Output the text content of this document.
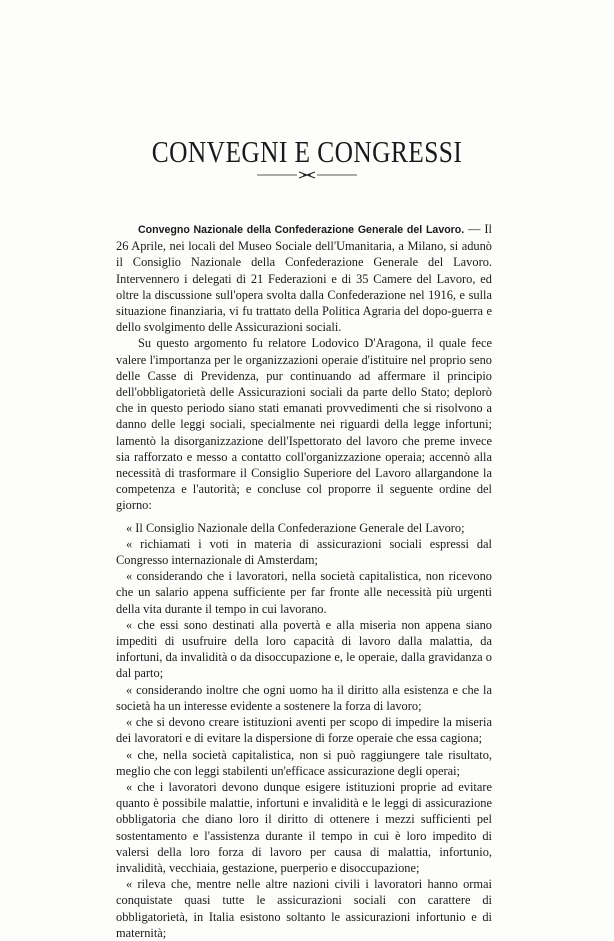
CONVEGNI E CONGRESSI

Convegno Nazionale della Confederazione Generale del Lavoro. — Il 26 Aprile, nei locali del Museo Sociale dell'Umanitaria, a Milano, si adunò il Consiglio Nazionale della Confederazione Generale del Lavoro. Intervennero i delegati di 21 Federazioni e di 35 Camere del Lavoro, ed oltre la discussione sull'opera svolta dalla Confederazione nel 1916, e sulla situazione finanziaria, vi fu trattato della Politica Agraria del dopo-guerra e dello svolgimento delle Assicurazioni sociali.

Su questo argomento fu relatore Lodovico D'Aragona, il quale fece valere l'importanza per le organizzazioni operaie d'istituire nel proprio seno delle Casse di Previdenza, pur continuando ad affermare il principio dell'obbligatorietà delle Assicurazioni sociali da parte dello Stato; deplorò che in questo periodo siano stati emanati provvedimenti che si risolvono a danno delle leggi sociali, specialmente nei riguardi della legge infortuni; lamentò la disorganizzazione dell'Ispettorato del lavoro che preme invece sia rafforzato e messo a contatto coll'organizzazione operaia; accennò alla necessità di trasformare il Consiglio Superiore del Lavoro allargandone la competenza e l'autorità; e concluse col proporre il seguente ordine del giorno:

« Il Consiglio Nazionale della Confederazione Generale del Lavoro;

« richiamati i voti in materia di assicurazioni sociali espressi dal Congresso internazionale di Amsterdam;

« considerando che i lavoratori, nella società capitalistica, non ricevono che un salario appena sufficiente per far fronte alle necessità più urgenti della vita durante il tempo in cui lavorano.

« che essi sono destinati alla povertà e alla miseria non appena siano impediti di usufruire della loro capacità di lavoro dalla malattia, da infortuni, da invalidità o da disoccupazione e, le operaie, dalla gravidanza o dal parto;

« considerando inoltre che ogni uomo ha il diritto alla esistenza e che la società ha un interesse evidente a sostenere la forza di lavoro;

« che si devono creare istituzioni aventi per scopo di impedire la miseria dei lavoratori e di evitare la dispersione di forze operaie che essa cagiona;

« che, nella società capitalistica, non si può raggiungere tale risultato, meglio che con leggi stabilenti un'efficace assicurazione degli operai;

« che i lavoratori devono dunque esigere istituzioni proprie ad evitare quanto è possibile malattie, infortuni e invalidità e le leggi di assicurazione obbligatoria che diano loro il diritto di ottenere i mezzi sufficienti pel sostentamento e l'assistenza durante il tempo in cui è loro impedito di valersi della loro forza di lavoro per causa di malattia, infortunio, invalidità, vecchiaia, gestazione, puerperio e disoccupazione;

« rileva che, mentre nelle altre nazioni civili i lavoratori hanno ormai conquistate quasi tutte le assicurazioni sociali con carattere di obbligatorietà, in Italia esistono soltanto le assicurazioni infortunio e di maternità;
